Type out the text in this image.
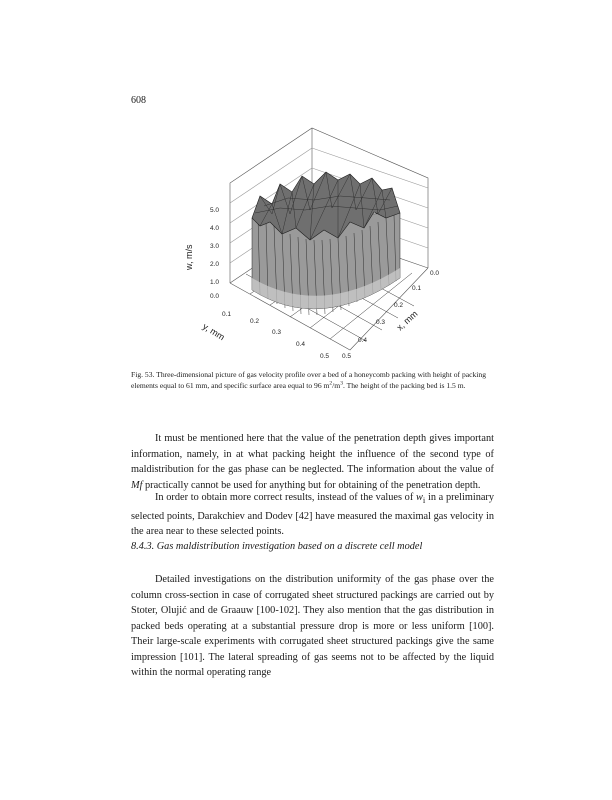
608
5.0
4.0
3.0
2.0
1.0
0.0
w, m/s
0.1
0.2
0.3
0.4
0.5
y, mm
0.0
0.1
0.2
0.3
0.4
0.5
x, mm
Fig. 53. Three-dimensional picture of gas velocity profile over a bed of a honeycomb packing with height of packing elements equal to 61 mm, and specific surface area equal to 96 $m^2/m^3$. The height of the packing bed is 1.5 m.

It must be mentioned here that the value of the penetration depth gives important information, namely, in at what packing height the influence of the second type of maldistribution for the gas phase can be neglected. The information about the value of Mf practically cannot be used for anything but for obtaining of the penetration depth.

In order to obtain more correct results, instead of the values of $w_i$ in a preliminary selected points, Darakchiev and Dodev [42] have measured the maximal gas velocity in the area near to these selected points.

8.4.3. Gas maldistribution investigation based on a discrete cell model

Detailed investigations on the distribution uniformity of the gas phase over the column cross-section in case of corrugated sheet structured packings are carried out by Stoter, Olujić and de Graauw [100-102]. They also mention that the gas distribution in packed beds operating at a substantial pressure drop is more or less uniform [100]. Their large-scale experiments with corrugated sheet structured packings give the same impression [101]. The lateral spreading of gas seems not to be affected by the liquid within the normal operating range
